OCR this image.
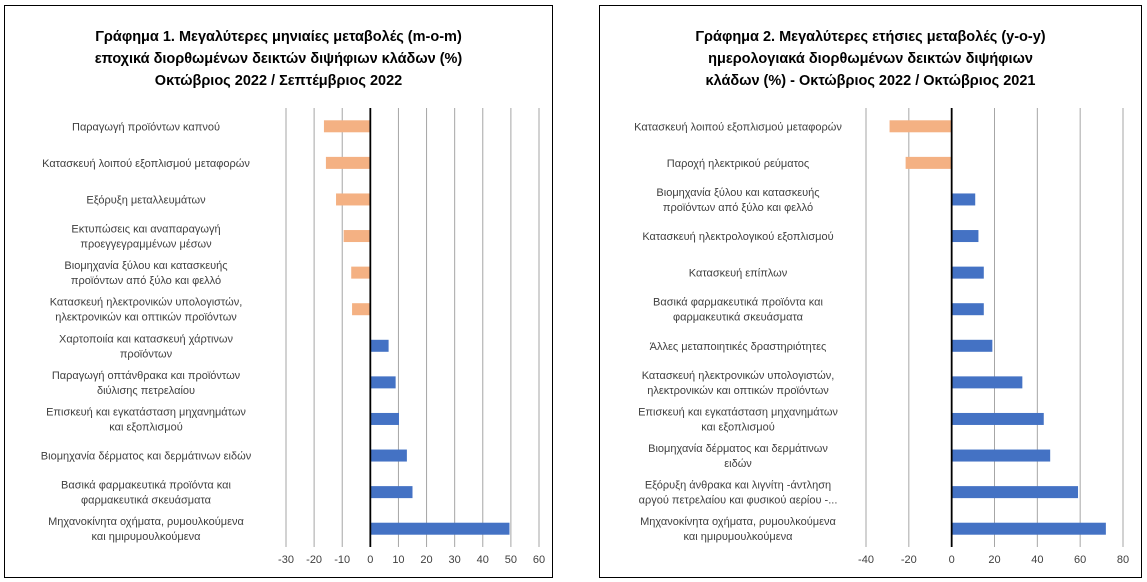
Γράφημα 1. Μεγαλύτερες μηνιαίες μεταβολές (m-o-m)
εποχικά διορθωμένων δεικτών διψήφιων κλάδων (%)
Οκτώβριος 2022 / Σεπτέμβριος 2022
-30 -20 -10 0 10 20 30 40 50 60
Παραγωγή προϊόντων καπνού
Κατασκευή λοιπού εξοπλισμού μεταφορών
Εξόρυξη μεταλλευμάτων
Εκτυπώσεις και αναπαραγωγή
προεγγεγραμμένων μέσων
Βιομηχανία ξύλου και κατασκευής
προϊόντων από ξύλο και φελλό
Κατασκευή ηλεκτρονικών υπολογιστών,
ηλεκτρονικών και οπτικών προϊόντων
Χαρτοποιία και κατασκευή χάρτινων
προϊόντων
Παραγωγή οπτάνθρακα και προϊόντων
διύλισης πετρελαίου
Επισκευή και εγκατάσταση μηχανημάτων
και εξοπλισμού
Βιομηχανία δέρματος και δερμάτινων ειδών
Βασικά φαρμακευτικά προϊόντα και
φαρμακευτικά σκευάσματα
Μηχανοκίνητα οχήματα, ρυμουλκούμενα
και ημιρυμουλκούμενα
Γράφημα 2. Μεγαλύτερες ετήσιες μεταβολές (y-o-y)
ημερολογιακά διορθωμένων δεικτών διψήφιων
κλάδων (%) - Οκτώβριος 2022 / Οκτώβριος 2021
-40 -20	0	20	40	60	80
Κατασκευή λοιπού εξοπλισμού μεταφορών
Παροχή ηλεκτρικού ρεύματος
Βιομηχανία ξύλου και κατασκευής
προϊόντων από ξύλο και φελλό
Κατασκευή ηλεκτρολογικού εξοπλισμού
Κατασκευή επίπλων
Βασικά φαρμακευτικά προϊόντα και
φαρμακευτικά σκευάσματα
Άλλες μεταποιητικές δραστηριότητες
Κατασκευή ηλεκτρονικών υπολογιστών,
ηλεκτρονικών και οπτικών προϊόντων
Επισκευή και εγκατάσταση μηχανημάτων
και εξοπλισμού
Βιομηχανία δέρματος και δερμάτινων
ειδών
Εξόρυξη άνθρακα και λιγνίτη -άντληση
αργού πετρελαίου και φυσικού αερίου -...
Μηχανοκίνητα οχήματα, ρυμουλκούμενα
και ημιρυμουλκούμενα
